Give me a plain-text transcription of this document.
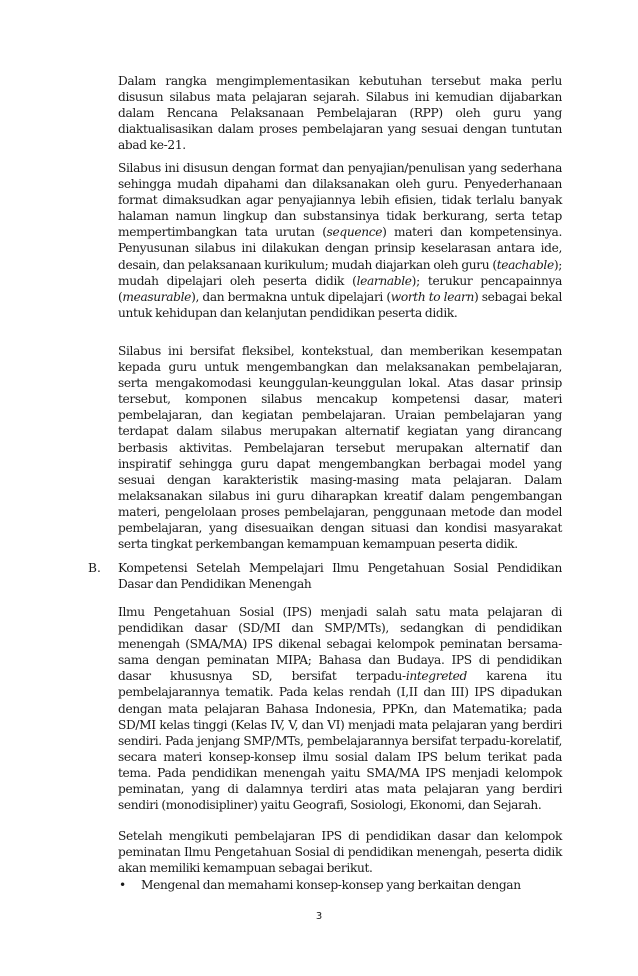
Dalam rangka mengimplementasikan kebutuhan tersebut maka perlu disusun silabus mata pelajaran sejarah. Silabus ini kemudian dijabarkan dalam Rencana Pelaksanaan Pembelajaran (RPP) oleh guru yang diaktualisasikan dalam proses pembelajaran yang sesuai dengan tuntutan abad ke-21.

Silabus ini disusun dengan format dan penyajian/penulisan yang sederhana sehingga mudah dipahami dan dilaksanakan oleh guru. Penyederhanaan format dimaksudkan agar penyajiannya lebih efisien, tidak terlalu banyak halaman namun lingkup dan substansinya tidak berkurang, serta tetap mempertimbangkan tata urutan (sequence) materi dan kompetensinya. Penyusunan silabus ini dilakukan dengan prinsip keselarasan antara ide, desain, dan pelaksanaan kurikulum; mudah diajarkan oleh guru (teachable); mudah dipelajari oleh peserta didik (learnable); terukur pencapainnya (measurable), dan bermakna untuk dipelajari (worth to learn) sebagai bekal untuk kehidupan dan kelanjutan pendidikan peserta didik.

Silabus ini bersifat fleksibel, kontekstual, dan memberikan kesempatan kepada guru untuk mengembangkan dan melaksanakan pembelajaran, serta mengakomodasi keunggulan-keunggulan lokal. Atas dasar prinsip tersebut, komponen silabus mencakup kompetensi dasar, materi pembelajaran, dan kegiatan pembelajaran. Uraian pembelajaran yang terdapat dalam silabus merupakan alternatif kegiatan yang dirancang berbasis aktivitas. Pembelajaran tersebut merupakan alternatif dan inspiratif sehingga guru dapat mengembangkan berbagai model yang sesuai dengan karakteristik masing-masing mata pelajaran. Dalam melaksanakan silabus ini guru diharapkan kreatif dalam pengembangan materi, pengelolaan proses pembelajaran, penggunaan metode dan model pembelajaran, yang disesuaikan dengan situasi dan kondisi masyarakat serta tingkat perkembangan kemampuan kemampuan peserta didik.

B. Kompetensi Setelah Mempelajari Ilmu Pengetahuan Sosial Pendidikan Dasar dan Pendidikan Menengah

Ilmu Pengetahuan Sosial (IPS) menjadi salah satu mata pelajaran di pendidikan dasar (SD/MI dan SMP/MTs), sedangkan di pendidikan menengah (SMA/MA) IPS dikenal sebagai kelompok peminatan bersama-sama dengan peminatan MIPA; Bahasa dan Budaya. IPS di pendidikan dasar khususnya SD, bersifat terpadu-integreted karena itu pembelajarannya tematik. Pada kelas rendah (I,II dan III) IPS dipadukan dengan mata pelajaran Bahasa Indonesia, PPKn, dan Matematika; pada SD/MI kelas tinggi (Kelas IV, V, dan VI) menjadi mata pelajaran yang berdiri sendiri. Pada jenjang SMP/MTs, pembelajarannya bersifat terpadu-korelatif, secara materi konsep-konsep ilmu sosial dalam IPS belum terikat pada tema. Pada pendidikan menengah yaitu SMA/MA IPS menjadi kelompok peminatan, yang di dalamnya terdiri atas mata pelajaran yang berdiri sendiri (monodisipliner) yaitu Geografi, Sosiologi, Ekonomi, dan Sejarah.

Setelah mengikuti pembelajaran IPS di pendidikan dasar dan kelompok peminatan Ilmu Pengetahuan Sosial di pendidikan menengah, peserta didik akan memiliki kemampuan sebagai berikut.

• Mengenal dan memahami konsep-konsep yang berkaitan dengan

3
